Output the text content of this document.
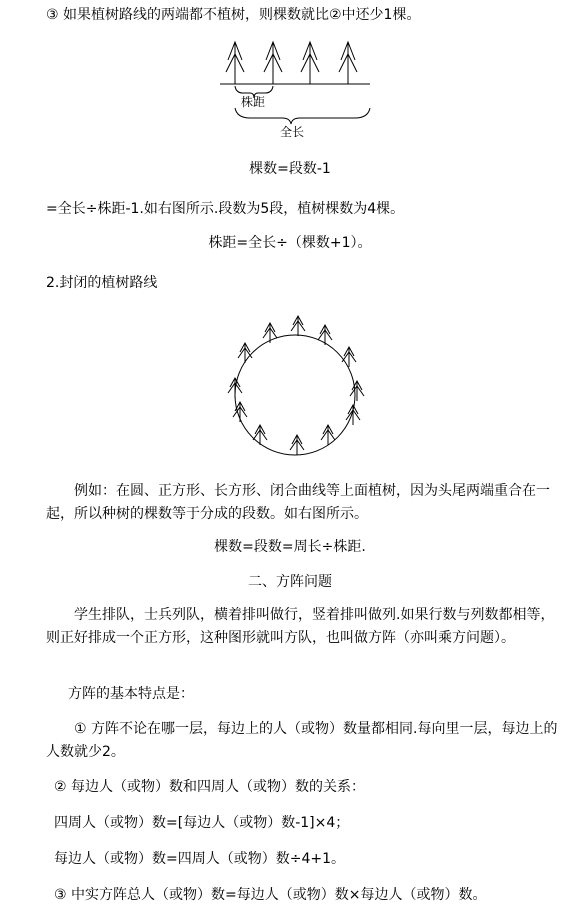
③ 如果植树路线的两端都不植树，则棵数就比②中还少1棵。
株距
全长
棵数=段数-1
=全长÷株距-1.如右图所示.段数为5段，植树棵数为4棵。
株距=全长÷（棵数+1）。
2.封闭的植树路线
　　例如：在圆、正方形、长方形、闭合曲线等上面植树，因为头尾两端重合在一起，所以种树的棵数等于分成的段数。如右图所示。
棵数=段数=周长÷株距.
二、方阵问题
　　学生排队，士兵列队，横着排叫做行，竖着排叫做列.如果行数与列数都相等，则正好排成一个正方形，这种图形就叫方队，也叫做方阵（亦叫乘方问题）。
方阵的基本特点是：
　　① 方阵不论在哪一层，每边上的人（或物）数量都相同.每向里一层，每边上的人数就少2。
② 每边人（或物）数和四周人（或物）数的关系：
四周人（或物）数=[每边人（或物）数-1]×4；
每边人（或物）数=四周人（或物）数÷4+1。
③ 中实方阵总人（或物）数=每边人（或物）数×每边人（或物）数。
